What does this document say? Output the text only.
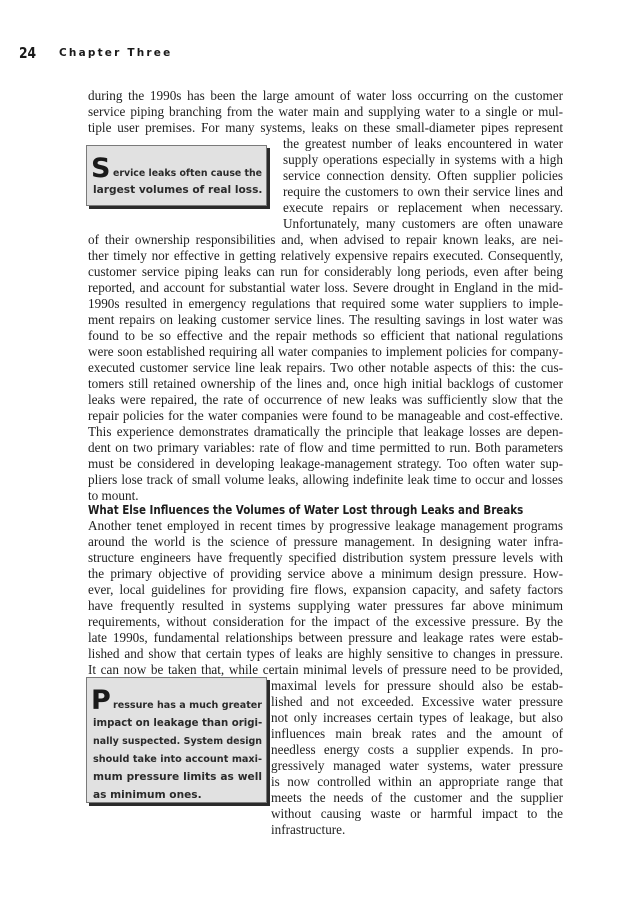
24 Chapter Three
during the 1990s has been the large amount of water loss occurring on the customer
service piping branching from the water main and supplying water to a single or mul-
tiple user premises. For many systems, leaks on these small-diameter pipes represent
the greatest number of leaks encountered in water
supply operations especially in systems with a high
service connection density. Often supplier policies
require the customers to own their service lines and
execute repairs or replacement when necessary.
Unfortunately, many customers are often unaware
of their ownership responsibilities and, when advised to repair known leaks, are nei-
ther timely nor effective in getting relatively expensive repairs executed. Consequently,
customer service piping leaks can run for considerably long periods, even after being
reported, and account for substantial water loss. Severe drought in England in the mid-
1990s resulted in emergency regulations that required some water suppliers to imple-
ment repairs on leaking customer service lines. The resulting savings in lost water was
found to be so effective and the repair methods so efficient that national regulations
were soon established requiring all water companies to implement policies for company-
executed customer service line leak repairs. Two other notable aspects of this: the cus-
tomers still retained ownership of the lines and, once high initial backlogs of customer
leaks were repaired, the rate of occurrence of new leaks was sufficiently slow that the
repair policies for the water companies were found to be manageable and cost-effective.
This experience demonstrates dramatically the principle that leakage losses are depen-
dent on two primary variables: rate of flow and time permitted to run. Both parameters
must be considered in developing leakage-management strategy. Too often water sup-
pliers lose track of small volume leaks, allowing indefinite leak time to occur and losses
to mount.
S ervice leaks often cause the
largest volumes of real loss.
What Else Influences the Volumes of Water Lost through Leaks and Breaks
Another tenet employed in recent times by progressive leakage management programs
around the world is the science of pressure management. In designing water infra-
structure engineers have frequently specified distribution system pressure levels with
the primary objective of providing service above a minimum design pressure. How-
ever, local guidelines for providing fire flows, expansion capacity, and safety factors
have frequently resulted in systems supplying water pressures far above minimum
requirements, without consideration for the impact of the excessive pressure. By the
late 1990s, fundamental relationships between pressure and leakage rates were estab-
lished and show that certain types of leaks are highly sensitive to changes in pressure.
It can now be taken that, while certain minimal levels of pressure need to be provided,
maximal levels for pressure should also be estab-
lished and not exceeded. Excessive water pressure
not only increases certain types of leakage, but also
influences main break rates and the amount of
needless energy costs a supplier expends. In pro-
gressively managed water systems, water pressure
is now controlled within an appropriate range that
meets the needs of the customer and the supplier
without causing waste or harmful impact to the
infrastructure.
P ressure has a much greater
impact on leakage than origi-
nally suspected. System design
should take into account maxi-
mum pressure limits as well
as minimum ones.
